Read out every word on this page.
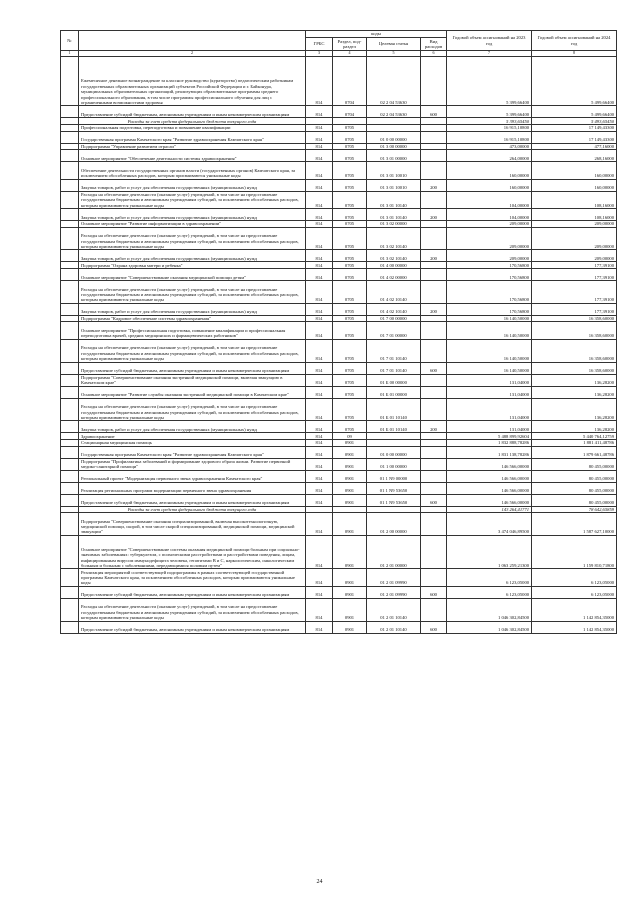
№		коды				Годовой объем ассигнований на 2023 год	Годовой объем ассигнований на 2024 год
		ГРБС	Раздел, под-раздел	Целевая статья	Вид расходов		
1	2	3	4	5	6	7	8
	Ежемесячное денежное вознаграждение за классное руководство (кураторство) педагогическим работникам государственных образовательных организаций субъектов Российской Федерации и г. Байконура, муниципальных образовательных организаций, реализующих образовательные программы среднего профессионального образования, в том числе программы профессионального обучения для лиц с ограниченными возможностями здоровья	814	0704	02 2 04 53630		5 399,66400	5 499,66400
	Предоставление субсидий бюджетным, автономным учреждениям и иным некоммерческим организациям	814	0704	02 2 04 53630	600	5 399,66400	5 499,66400
	Расходы за счет средств федерального бюджета текущего года					5 393,65450	5 493,65450
	Профессиональная подготовка, переподготовка и повышение квалификации	814	0705			16 915,10800	17 149,43300
	Государственная программа Камчатского края "Развитие здравоохранения Камчатского края"	814	0705	01 0 00 00000		16 915,10800	17 149,43300
	Подпрограмма "Управление развитием отрасли"	814	0705	01 3 00 00000		473,00000	477,16000
	Основное мероприятие "Обеспечение деятельности системы здравоохранения"	814	0705	01 3 01 00000		264,00000	268,16000
	Обеспечение деятельности государственных органов власти (государственных органов) Камчатского края, за исключением обособленных расходов, которым присваиваются уникальные коды	814	0705	01 3 01 10010		160,00000	160,00000
	Закупка товаров, работ и услуг для обеспечения государственных (муниципальных) нужд	814	0705	01 3 01 10010	200	160,00000	160,00000
	Расходы на обеспечение деятельности (оказание услуг) учреждений, в том числе на предоставление государственным бюджетным и автономным учреждениям субсидий, за исключением обособленных расходов, которым присваиваются уникальные коды	814	0705	01 3 01 10140		104,00000	108,16000
	Закупка товаров, работ и услуг для обеспечения государственных (муниципальных) нужд	814	0705	01 3 01 10140	200	104,00000	108,16000
	Основное мероприятие "Развитие информатизации в здравоохранении"	814	0705	01 3 02 00000		209,00000	209,00000
	Расходы на обеспечение деятельности (оказание услуг) учреждений, в том числе на предоставление государственным бюджетным и автономным учреждениям субсидий, за исключением обособленных расходов, которым присваиваются уникальные коды	814	0705	01 3 02 10140		209,00000	209,00000
	Закупка товаров, работ и услуг для обеспечения государственных (муниципальных) нужд	814	0705	01 3 02 10140	200	209,00000	209,00000
	Подпрограмма "Охрана здоровья матери и ребенка"	814	0705	01 4 00 00000		170,56800	177,39100
	Основное мероприятие "Совершенствование оказания медицинской помощи детям"	814	0705	01 4 02 00000		170,56800	177,39100
	Расходы на обеспечение деятельности (оказание услуг) учреждений, в том числе на предоставление государственным бюджетным и автономным учреждениям субсидий, за исключением обособленных расходов, которым присваиваются уникальные коды	814	0705	01 4 02 10140		170,56800	177,39100
	Закупка товаров, работ и услуг для обеспечения государственных (муниципальных) нужд	814	0705	01 4 02 10140	200	170,56800	177,39100
	Подпрограмма "Кадровое обеспечение системы здравоохранения"	814	0705	01 7 00 00000		16 140,50000	16 358,60000
	Основное мероприятие "Профессиональная подготовка, повышение квалификации и профессиональная переподготовка врачей, средних медицинских и фармацевтических работников"	814	0705	01 7 01 00000		16 140,50000	16 358,60000
	Расходы на обеспечение деятельности (оказание услуг) учреждений, в том числе на предоставление государственным бюджетным и автономным учреждениям субсидий, за исключением обособленных расходов, которым присваиваются уникальные коды	814	0705	01 7 01 10140		16 140,50000	16 358,60000
	Предоставление субсидий бюджетным, автономным учреждениям и иным некоммерческим организациям	814	0705	01 7 01 10140	600	16 140,50000	16 358,60000
	Подпрограмма "Совершенствование оказания экстренной медицинской помощи, включая эвакуацию в Камчатском крае"	814	0705	01 Б 00 00000		131,04000	136,28200
	Основное мероприятие "Развитие службы оказания экстренной медицинской помощи в Камчатском крае"	814	0705	01 Б 01 00000		131,04000	136,28200
	Расходы на обеспечение деятельности (оказание услуг) учреждений, в том числе на предоставление государственным бюджетным и автономным учреждениям субсидий, за исключением обособленных расходов, которым присваиваются уникальные коды	814	0705	01 Б 01 10140		131,04000	136,28200
	Закупка товаров, работ и услуг для обеспечения государственных (муниципальных) нужд	814	0705	01 Б 01 10140	200	131,04000	136,28200
	Здравоохранение	814	09			5 488 899,92604	5 440 764,12759
	Стационарная медицинская помощь	814	0901			1 832 888,78286	1 881 411,48786
	Государственная программа Камчатского края "Развитие здравоохранения Камчатского края"	814	0901	01 0 00 00000		1 831 138,78286	1 879 661,48786
	Подпрограмма "Профилактика заболеваний и формирование здорового образа жизни. Развитие первичной медико-санитарной помощи"	814	0901	01 1 00 00000		146 566,00000	80 455,00000
	Региональный проект "Модернизация первичного звена здравоохранения Камчатского края"	814	0901	01 1 N9 00000		146 566,00000	80 455,00000
	Реализация региональных программ модернизации первичного звена здравоохранения	814	0901	01 1 N9 53650		146 566,00000	80 455,00000
	Предоставление субсидий бюджетным, автономным учреждениям и иным некоммерческим организациям	814	0901	01 1 N9 53650	600	146 566,00000	80 455,00000
	Расходы за счет средств федерального бюджета текущего года					143 264,41771	78 642,65859
	Подпрограмма "Совершенствование оказания специализированной, включая высокотехнологичную, медицинской помощи, скорой, в том числе скорой специализированной, медицинской помощи, медицинской эвакуации"	814	0901	01 2 00 00000		3 474 046,89500	1 587 627,10000
	Основное мероприятие "Совершенствование системы оказания медицинской помощи больным при социально-значимых заболеваниях: туберкулезом, с психическими расстройствами и расстройствами поведения, лицам, инфицированным вирусом иммунодефицита человека, гепатитами B и C, наркологическим, онкологическим больным и больным с заболеваниями, передающимися половым путем"	814	0901	01 2 01 00000		1 063 259,21300	1 159 810,71800
	Реализация мероприятий соответствующей подпрограммы в рамках соответствующей государственной программы Камчатского края, за исключением обособленных расходов, которым присваиваются уникальные коды	814	0901	01 2 01 09990		6 123,05000	6 123,05000
	Предоставление субсидий бюджетным, автономным учреждениям и иным некоммерческим организациям	814	0901	01 2 01 09990	600	6 123,05000	6 123,05000
	Расходы на обеспечение деятельности (оказание услуг) учреждений, в том числе на предоставление государственным бюджетным и автономным учреждениям субсидий, за исключением обособленных расходов, которым присваиваются уникальные коды	814	0901	01 2 01 10140		1 046 302,84500	1 142 854,35000
	Предоставление субсидий бюджетным, автономным учреждениям и иным некоммерческим организациям	814	0901	01 2 01 10140	600	1 046 302,84500	1 142 854,35000
24
